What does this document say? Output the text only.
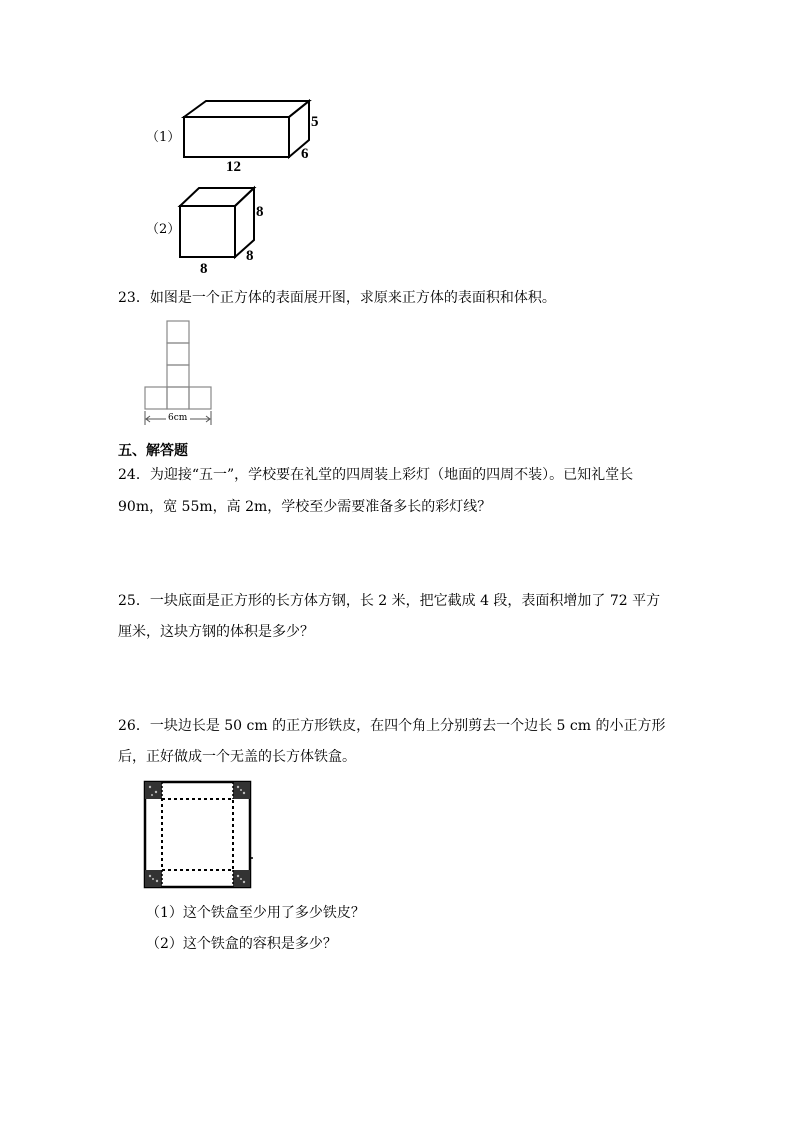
（1）
5
6
12
（2）
8
8
8
23．如图是一个正方体的表面展开图，求原来正方体的表面积和体积。
6cm
五、解答题
24．为迎接“五一”，学校要在礼堂的四周装上彩灯（地面的四周不装）。已知礼堂长
90m，宽 55m，高 2m，学校至少需要准备多长的彩灯线？
25．一块底面是正方形的长方体方钢，长 2 米，把它截成 4 段，表面积增加了 72 平方
厘米，这块方钢的体积是多少？
26．一块边长是 50 cm 的正方形铁皮，在四个角上分别剪去一个边长 5 cm 的小正方形
后，正好做成一个无盖的长方体铁盒。
（1）这个铁盒至少用了多少铁皮？
（2）这个铁盒的容积是多少？
